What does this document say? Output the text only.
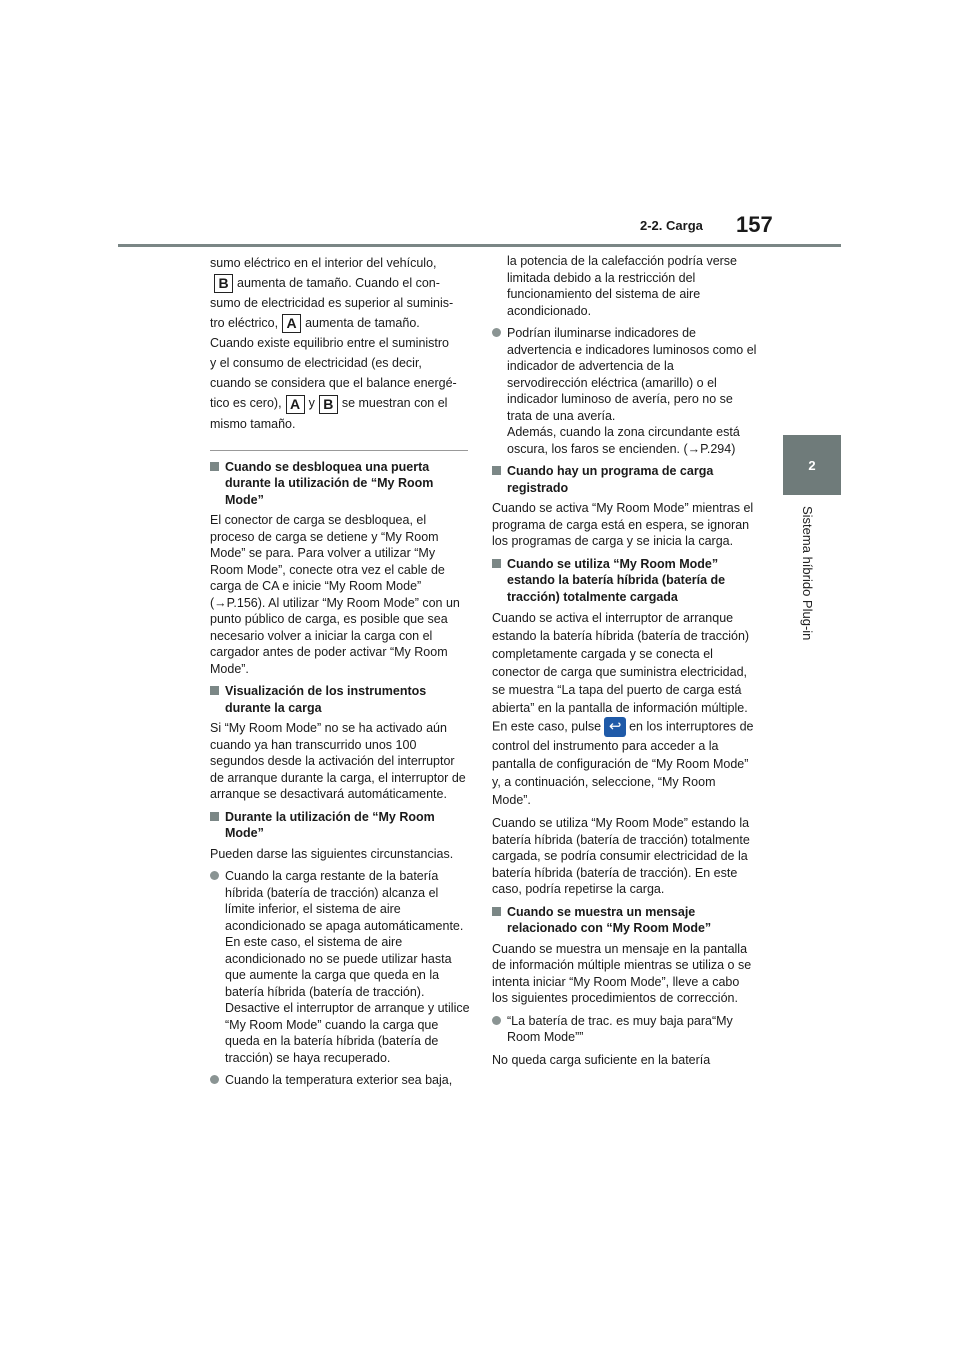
2-2. Carga 157
2
Sistema híbrido Plug-in

sumo eléctrico en el interior del vehículo,

B aumenta de tamaño. Cuando el con-

sumo de electricidad es superior al suminis-

tro eléctrico, A aumenta de tamaño.

Cuando existe equilibrio entre el suministro

y el consumo de electricidad (es decir,

cuando se considera que el balance energé-

tico es cero), A y B se muestran con el

mismo tamaño.

Cuando se desbloquea una puerta durante la utilización de “My Room Mode”

El conector de carga se desbloquea, el proceso de carga se detiene y “My Room Mode” se para. Para volver a utilizar “My Room Mode”, conecte otra vez el cable de carga de CA e inicie “My Room Mode” (→P.156). Al utilizar “My Room Mode” con un punto público de carga, es posible que sea necesario volver a iniciar la carga con el cargador antes de poder activar “My Room Mode”.

Visualización de los instrumentos durante la carga

Si “My Room Mode” no se ha activado aún cuando ya han transcurrido unos 100 segundos desde la activación del interruptor de arranque durante la carga, el interruptor de arranque se desactivará automáticamente.

Durante la utilización de “My Room Mode”

Pueden darse las siguientes circunstancias.

Cuando la carga restante de la batería híbrida (batería de tracción) alcanza el límite inferior, el sistema de aire acondicionado se apaga automáticamente.
En este caso, el sistema de aire acondicionado no se puede utilizar hasta que aumente la carga que queda en la batería híbrida (batería de tracción). Desactive el interruptor de arranque y utilice “My Room Mode” cuando la carga que queda en la batería híbrida (batería de tracción) se haya recuperado.
Cuando la temperatura exterior sea baja,

la potencia de la calefacción podría verse limitada debido a la restricción del funcionamiento del sistema de aire acondicionado.

Podrían iluminarse indicadores de advertencia e indicadores luminosos como el indicador de advertencia de la servodirección eléctrica (amarillo) o el indicador luminoso de avería, pero no se trata de una avería.
Además, cuando la zona circundante está oscura, los faros se encienden. (→P.294)
Cuando hay un programa de carga registrado

Cuando se activa “My Room Mode” mientras el programa de carga está en espera, se ignoran los programas de carga y se inicia la carga.

Cuando se utiliza “My Room Mode” estando la batería híbrida (batería de tracción) totalmente cargada

Cuando se activa el interruptor de arranque estando la batería híbrida (batería de tracción) completamente cargada y se conecta el conector de carga que suministra electricidad, se muestra “La tapa del puerto de carga está abierta” en la pantalla de información múltiple. En este caso, pulse ↩ en los interruptores de control del instrumento para acceder a la pantalla de configuración de “My Room Mode” y, a continuación, seleccione, “My Room Mode”.

Cuando se utiliza “My Room Mode” estando la batería híbrida (batería de tracción) totalmente cargada, se podría consumir electricidad de la batería híbrida (batería de tracción). En este caso, podría repetirse la carga.

Cuando se muestra un mensaje relacionado con “My Room Mode”

Cuando se muestra un mensaje en la pantalla de información múltiple mientras se utiliza o se intenta iniciar “My Room Mode”, lleve a cabo los siguientes procedimientos de corrección.

“La batería de trac. es muy baja para“My Room Mode””

No queda carga suficiente en la batería
